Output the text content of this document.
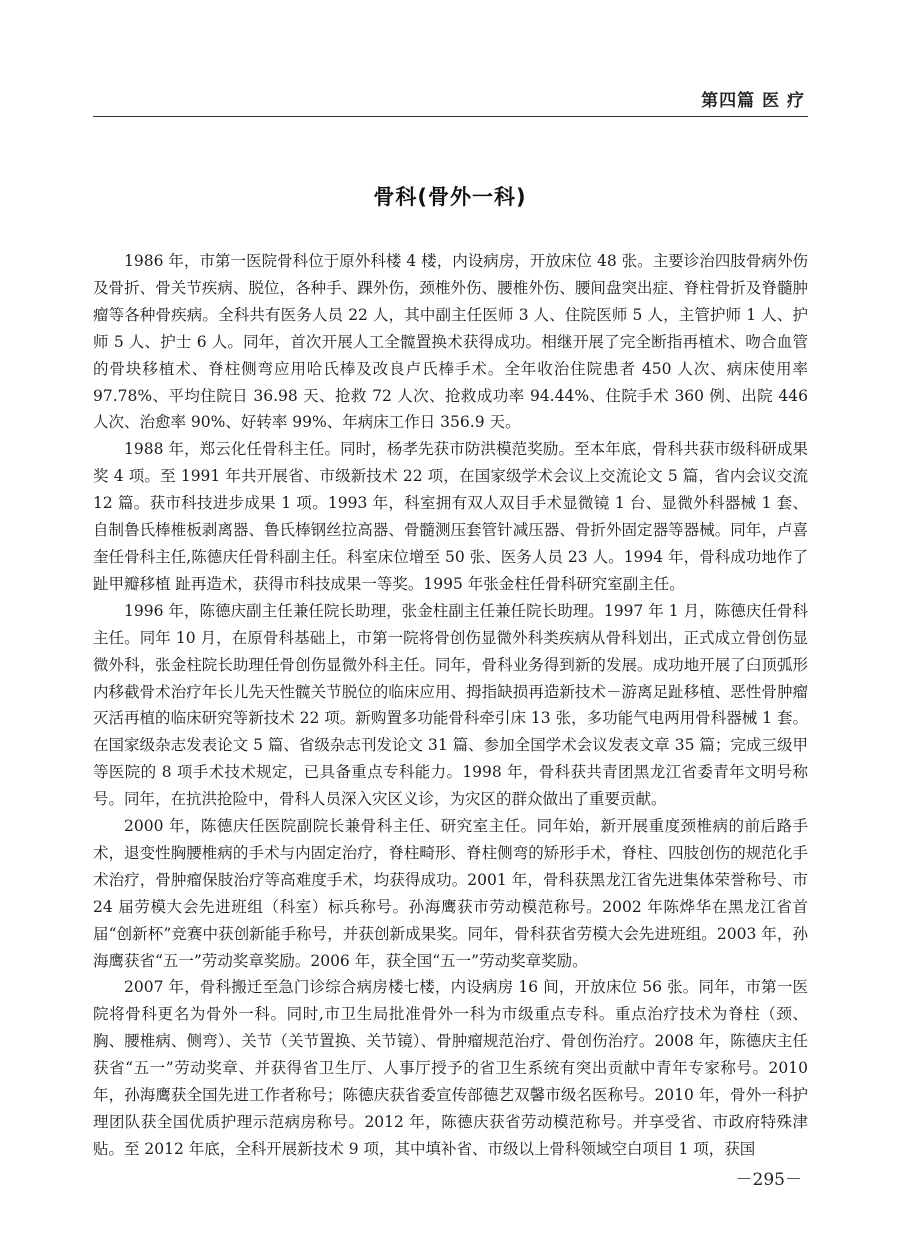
第四篇 医 疗
骨科(骨外一科)

1986 年，市第一医院骨科位于原外科楼 4 楼，内设病房，开放床位 48 张。主要诊治四肢骨病外伤及骨折、骨关节疾病、脱位，各种手、踝外伤，颈椎外伤、腰椎外伤、腰间盘突出症、脊柱骨折及脊髓肿瘤等各种骨疾病。全科共有医务人员 22 人，其中副主任医师 3 人、住院医师 5 人，主管护师 1 人、护师 5 人、护士 6 人。同年，首次开展人工全髋置换术获得成功。相继开展了完全断指再植术、吻合血管的骨块移植术、脊柱侧弯应用哈氏棒及改良卢氏棒手术。全年收治住院患者 450 人次、病床使用率 97.78%、平均住院日 36.98 天、抢救 72 人次、抢救成功率 94.44%、住院手术 360 例、出院 446 人次、治愈率 90%、好转率 99%、年病床工作日 356.9 天。

1988 年，郑云化任骨科主任。同时，杨孝先获市防洪模范奖励。至本年底，骨科共获市级科研成果奖 4 项。至 1991 年共开展省、市级新技术 22 项，在国家级学术会议上交流论文 5 篇，省内会议交流 12 篇。获市科技进步成果 1 项。1993 年，科室拥有双人双目手术显微镜 1 台、显微外科器械 1 套、自制鲁氏棒椎板剥离器、鲁氏棒钢丝拉高器、骨髓测压套管针减压器、骨折外固定器等器械。同年，卢喜奎任骨科主任,陈德庆任骨科副主任。科室床位增至 50 张、医务人员 23 人。1994 年，骨科成功地作了 趾甲瓣移植 趾再造术，获得市科技成果一等奖。1995 年张金柱任骨科研究室副主任。

1996 年，陈德庆副主任兼任院长助理，张金柱副主任兼任院长助理。1997 年 1 月，陈德庆任骨科主任。同年 10 月，在原骨科基础上，市第一院将骨创伤显微外科类疾病从骨科划出，正式成立骨创伤显微外科，张金柱院长助理任骨创伤显微外科主任。同年，骨科业务得到新的发展。成功地开展了臼顶弧形内移截骨术治疗年长儿先天性髋关节脱位的临床应用、拇指缺损再造新技术－游离足趾移植、恶性骨肿瘤灭活再植的临床研究等新技术 22 项。新购置多功能骨科牵引床 13 张，多功能气电两用骨科器械 1 套。在国家级杂志发表论文 5 篇、省级杂志刊发论文 31 篇、参加全国学术会议发表文章 35 篇；完成三级甲等医院的 8 项手术技术规定，已具备重点专科能力。1998 年，骨科获共青团黑龙江省委青年文明号称号。同年，在抗洪抢险中，骨科人员深入灾区义诊，为灾区的群众做出了重要贡献。

2000 年，陈德庆任医院副院长兼骨科主任、研究室主任。同年始，新开展重度颈椎病的前后路手术，退变性胸腰椎病的手术与内固定治疗，脊柱畸形、脊柱侧弯的矫形手术，脊柱、四肢创伤的规范化手术治疗，骨肿瘤保肢治疗等高难度手术，均获得成功。2001 年，骨科获黑龙江省先进集体荣誉称号、市 24 届劳模大会先进班组（科室）标兵称号。孙海鹰获市劳动模范称号。2002 年陈烨华在黑龙江省首届“创新杯”竞赛中获创新能手称号，并获创新成果奖。同年，骨科获省劳模大会先进班组。2003 年，孙海鹰获省“五一”劳动奖章奖励。2006 年，获全国“五一”劳动奖章奖励。

2007 年，骨科搬迁至急门诊综合病房楼七楼，内设病房 16 间，开放床位 56 张。同年，市第一医院将骨科更名为骨外一科。同时,市卫生局批准骨外一科为市级重点专科。重点治疗技术为脊柱（颈、胸、腰椎病、侧弯）、关节（关节置换、关节镜）、骨肿瘤规范治疗、骨创伤治疗。2008 年，陈德庆主任获省“五一”劳动奖章、并获得省卫生厅、人事厅授予的省卫生系统有突出贡献中青年专家称号。2010 年，孙海鹰获全国先进工作者称号；陈德庆获省委宣传部德艺双馨市级名医称号。2010 年，骨外一科护理团队获全国优质护理示范病房称号。2012 年，陈德庆获省劳动模范称号。并享受省、市政府特殊津贴。至 2012 年底，全科开展新技术 9 项，其中填补省、市级以上骨科领域空白项目 1 项，获国

－295－
